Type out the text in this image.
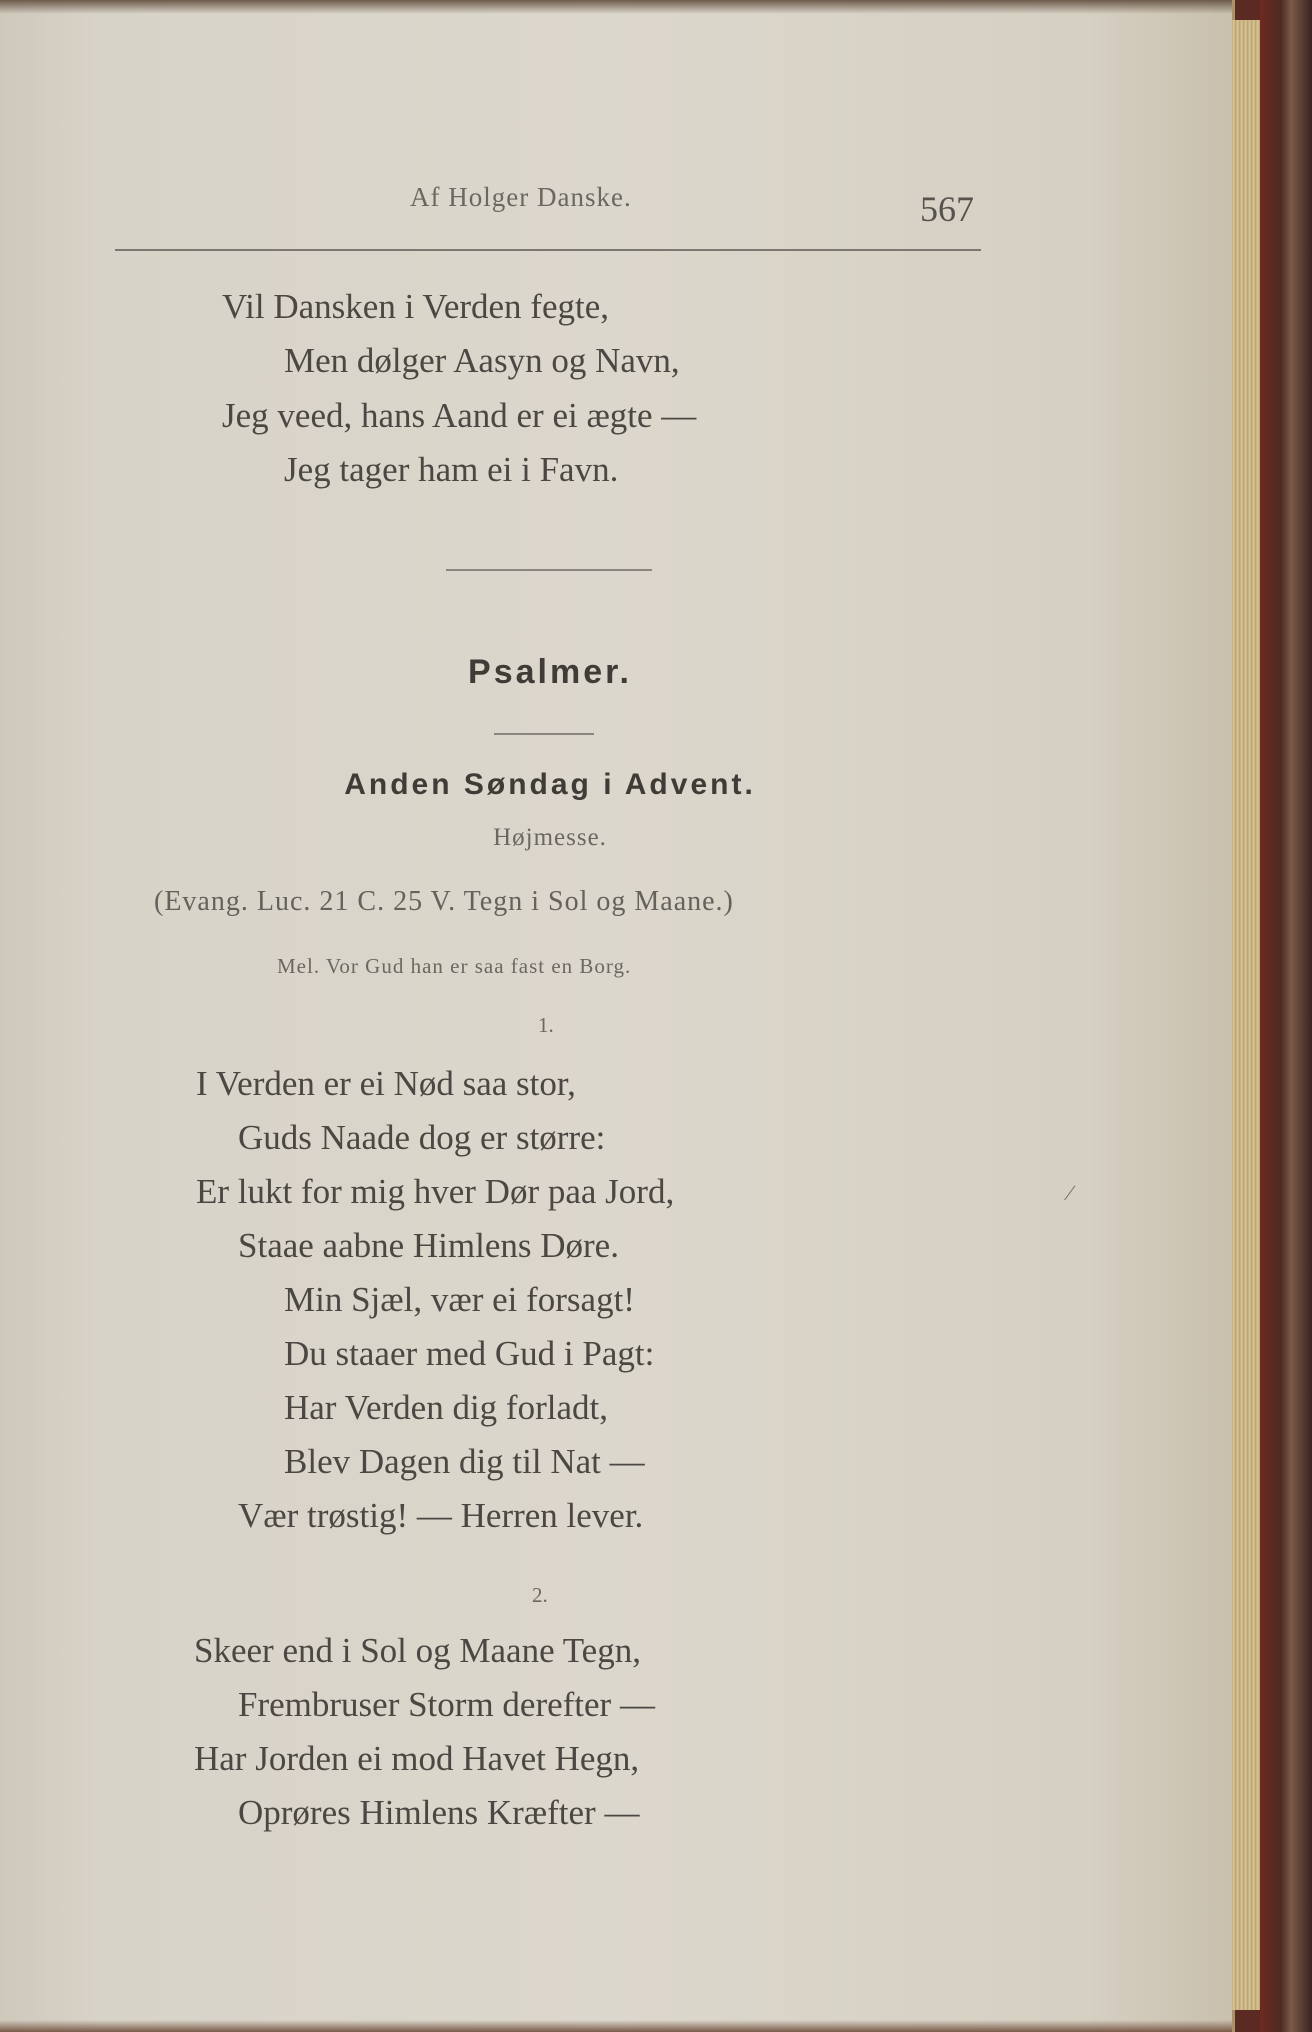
Af Holger Danske.	567
Vil Dansken i Verden fegte,
Men dølger Aasyn og Navn,
Jeg veed, hans Aand er ei ægte —
Jeg tager ham ei i Favn.
Psalmer.
Anden Søndag i Advent.
Højmesse.
(Evang. Luc. 21 C. 25 V. Tegn i Sol og Maane.)
Mel. Vor Gud han er saa fast en Borg.
1.
I Verden er ei Nød saa stor,
Guds Naade dog er større:
Er lukt for mig hver Dør paa Jord,
Staae aabne Himlens Døre.
Min Sjæl, vær ei forsagt!
Du staaer med Gud i Pagt:
Har Verden dig forladt,
Blev Dagen dig til Nat —
Vær trøstig! — Herren lever.
2.
Skeer end i Sol og Maane Tegn,
Frembruser Storm derefter —
Har Jorden ei mod Havet Hegn,
Oprøres Himlens Kræfter —
∕
